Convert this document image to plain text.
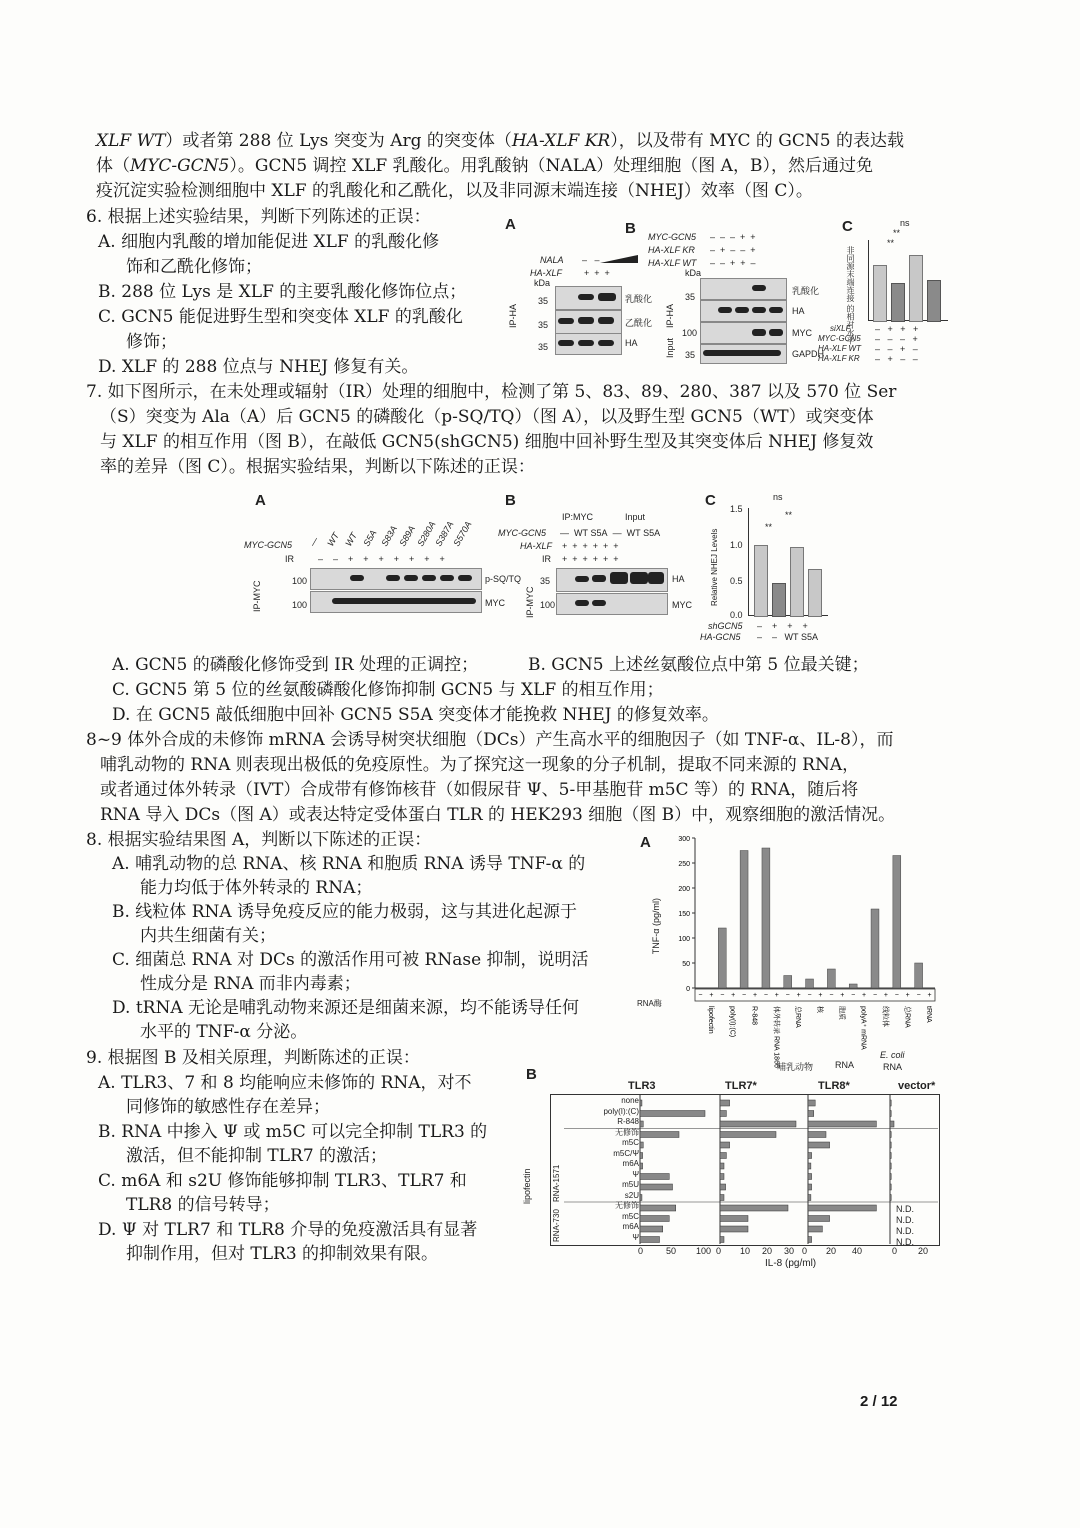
XLF WT）或者第 288 位 Lys 突变为 Arg 的突变体（HA-XLF KR），以及带有 MYC 的 GCN5 的表达载
体（MYC-GCN5）。GCN5 调控 XLF 乳酸化。用乳酸钠（NALA）处理细胞（图 A，B），然后通过免
疫沉淀实验检测细胞中 XLF 的乳酸化和乙酰化，以及非同源末端连接（NHEJ）效率（图 C）。
6. 根据上述实验结果，判断下列陈述的正误：
A. 细胞内乳酸的增加能促进 XLF 的乳酸化修
饰和乙酰化修饰；
B. 288 位 Lys 是 XLF 的主要乳酸化修饰位点；
C. GCN5 能促进野生型和突变体 XLF 的乳酸化
修饰；
D. XLF 的 288 位点与 NHEJ 修复有关。
A
NALA
HA-XLF
–   –
+  +  +
kDa
IP-HA
35	乳酸化
35	乙酰化
35	HA
B MYC-GCN5
HA-XLF KR
HA-XLF WT
–  –  –  +  +
–  +  –  –  +
–  –  +  +  –
kDa
IP-HA
乳酸化
35
HA
Input
100	MYC
35	GAPDH
C
非同源末端连接 的相对水平
ns
**
**
siXLF
MYC-GCN5
HA-XLF WT
HA-XLF KR
–   +   +   +
–   –   –   +
–   –   +   –
–   +   –   –
7. 如下图所示，在未处理或辐射（IR）处理的细胞中，检测了第 5、83、89、280、387 以及 570 位 Ser
（S）突变为 Ala（A）后 GCN5 的磷酸化（p-SQ/TQ）（图 A），以及野生型 GCN5（WT）或突变体
与 XLF 的相互作用（图 B），在敲低 GCN5(shGCN5) 细胞中回补野生型及其突变体后 NHEJ 修复效
率的差异（图 C）。根据实验结果，判断以下陈述的正误：
A
MYC-GCN5
IR
— WT WT S5A S83A
S89A
S280A
S387A
S570A
–    –    +    +    +    +    +    +    +
IP-MYC	100	p-SQ/TQ
100	MYC
B
IP:MYC	Input
MYC-GCN5 — WT S5A — WT S5A
HA-XLF +  +  +  +  +  +
IR +  +  +  +  +  +
IP-MYC
35	HA
100	MYC
C
Relative NHEJ Levels
1.5
1.0
0.5
0.0
ns
**
**
shGCN5
HA-GCN5
–    +    +    +
–    –   WT S5A
A. GCN5 的磷酸化修饰受到 IR 处理的正调控；	B. GCN5 上述丝氨酸位点中第 5 位最关键；
C. GCN5 第 5 位的丝氨酸磷酸化修饰抑制 GCN5 与 XLF 的相互作用；
D. 在 GCN5 敲低细胞中回补 GCN5 S5A 突变体才能挽救 NHEJ 的修复效率。
8~9 体外合成的未修饰 mRNA 会诱导树突状细胞（DCs）产生高水平的细胞因子（如 TNF-α、IL-8），而
哺乳动物的 RNA 则表现出极低的免疫原性。为了探究这一现象的分子机制，提取不同来源的 RNA，
或者通过体外转录（IVT）合成带有修饰核苷（如假尿苷 Ψ、5-甲基胞苷 m5C 等）的 RNA，随后将
RNA 导入 DCs（图 A）或表达特定受体蛋白 TLR 的 HEK293 细胞（图 B）中，观察细胞的激活情况。
8. 根据实验结果图 A，判断以下陈述的正误：
A. 哺乳动物的总 RNA、核 RNA 和胞质 RNA 诱导 TNF-α 的
能力均低于体外转录的 RNA；
B. 线粒体 RNA 诱导免疫反应的能力极弱，这与其进化起源于
内共生细菌有关；
C. 细菌总 RNA 对 DCs 的激活作用可被 RNase 抑制，说明活
性成分是 RNA 而非内毒素；
D. tRNA 无论是哺乳动物来源还是细菌来源，均不能诱导任何
水平的 TNF-α 分泌。
A
TNF-α (pg/ml)
300
250
200
150
100
50
0
− + − + − + − + − + − + − + − + − + − + − +
lipofectin poly(I):(C) R-848 体外转录 RNA 1866 总RNA 核 胞质 polyA⁺ mRNA 线粒体 总RNA tRNA
RNA酶
哺乳动物 RNA
E. coli
RNA
9. 根据图 B 及相关原理，判断陈述的正误：
A. TLR3、7 和 8 均能响应未修饰的 RNA，对不
同修饰的敏感性存在差异；
B. RNA 中掺入 Ψ 或 m5C 可以完全抑制 TLR3 的
激活，但不能抑制 TLR7 的激活；
C. m6A 和 s2U 修饰能够抑制 TLR3、TLR7 和
TLR8 的信号转导；
D. Ψ 对 TLR7 和 TLR8 介导的免疫激活具有显著
抑制作用，但对 TLR3 的抑制效果有限。
B
TLR3	TLR7*	TLR8*	vector*
lipofectin	RNA-1571
RNA-730
none
poly(I):(C)
R-848
无修饰
m5C
m5C/Ψ
m6A
Ψ
m5U
s2U
无修饰
m5C
m6A
Ψ
0	50 100 0 10 20 30 0 20 40	0 20
IL-8 (pg/ml)
N.D.
N.D.
N.D.
N.D.
2 / 12
